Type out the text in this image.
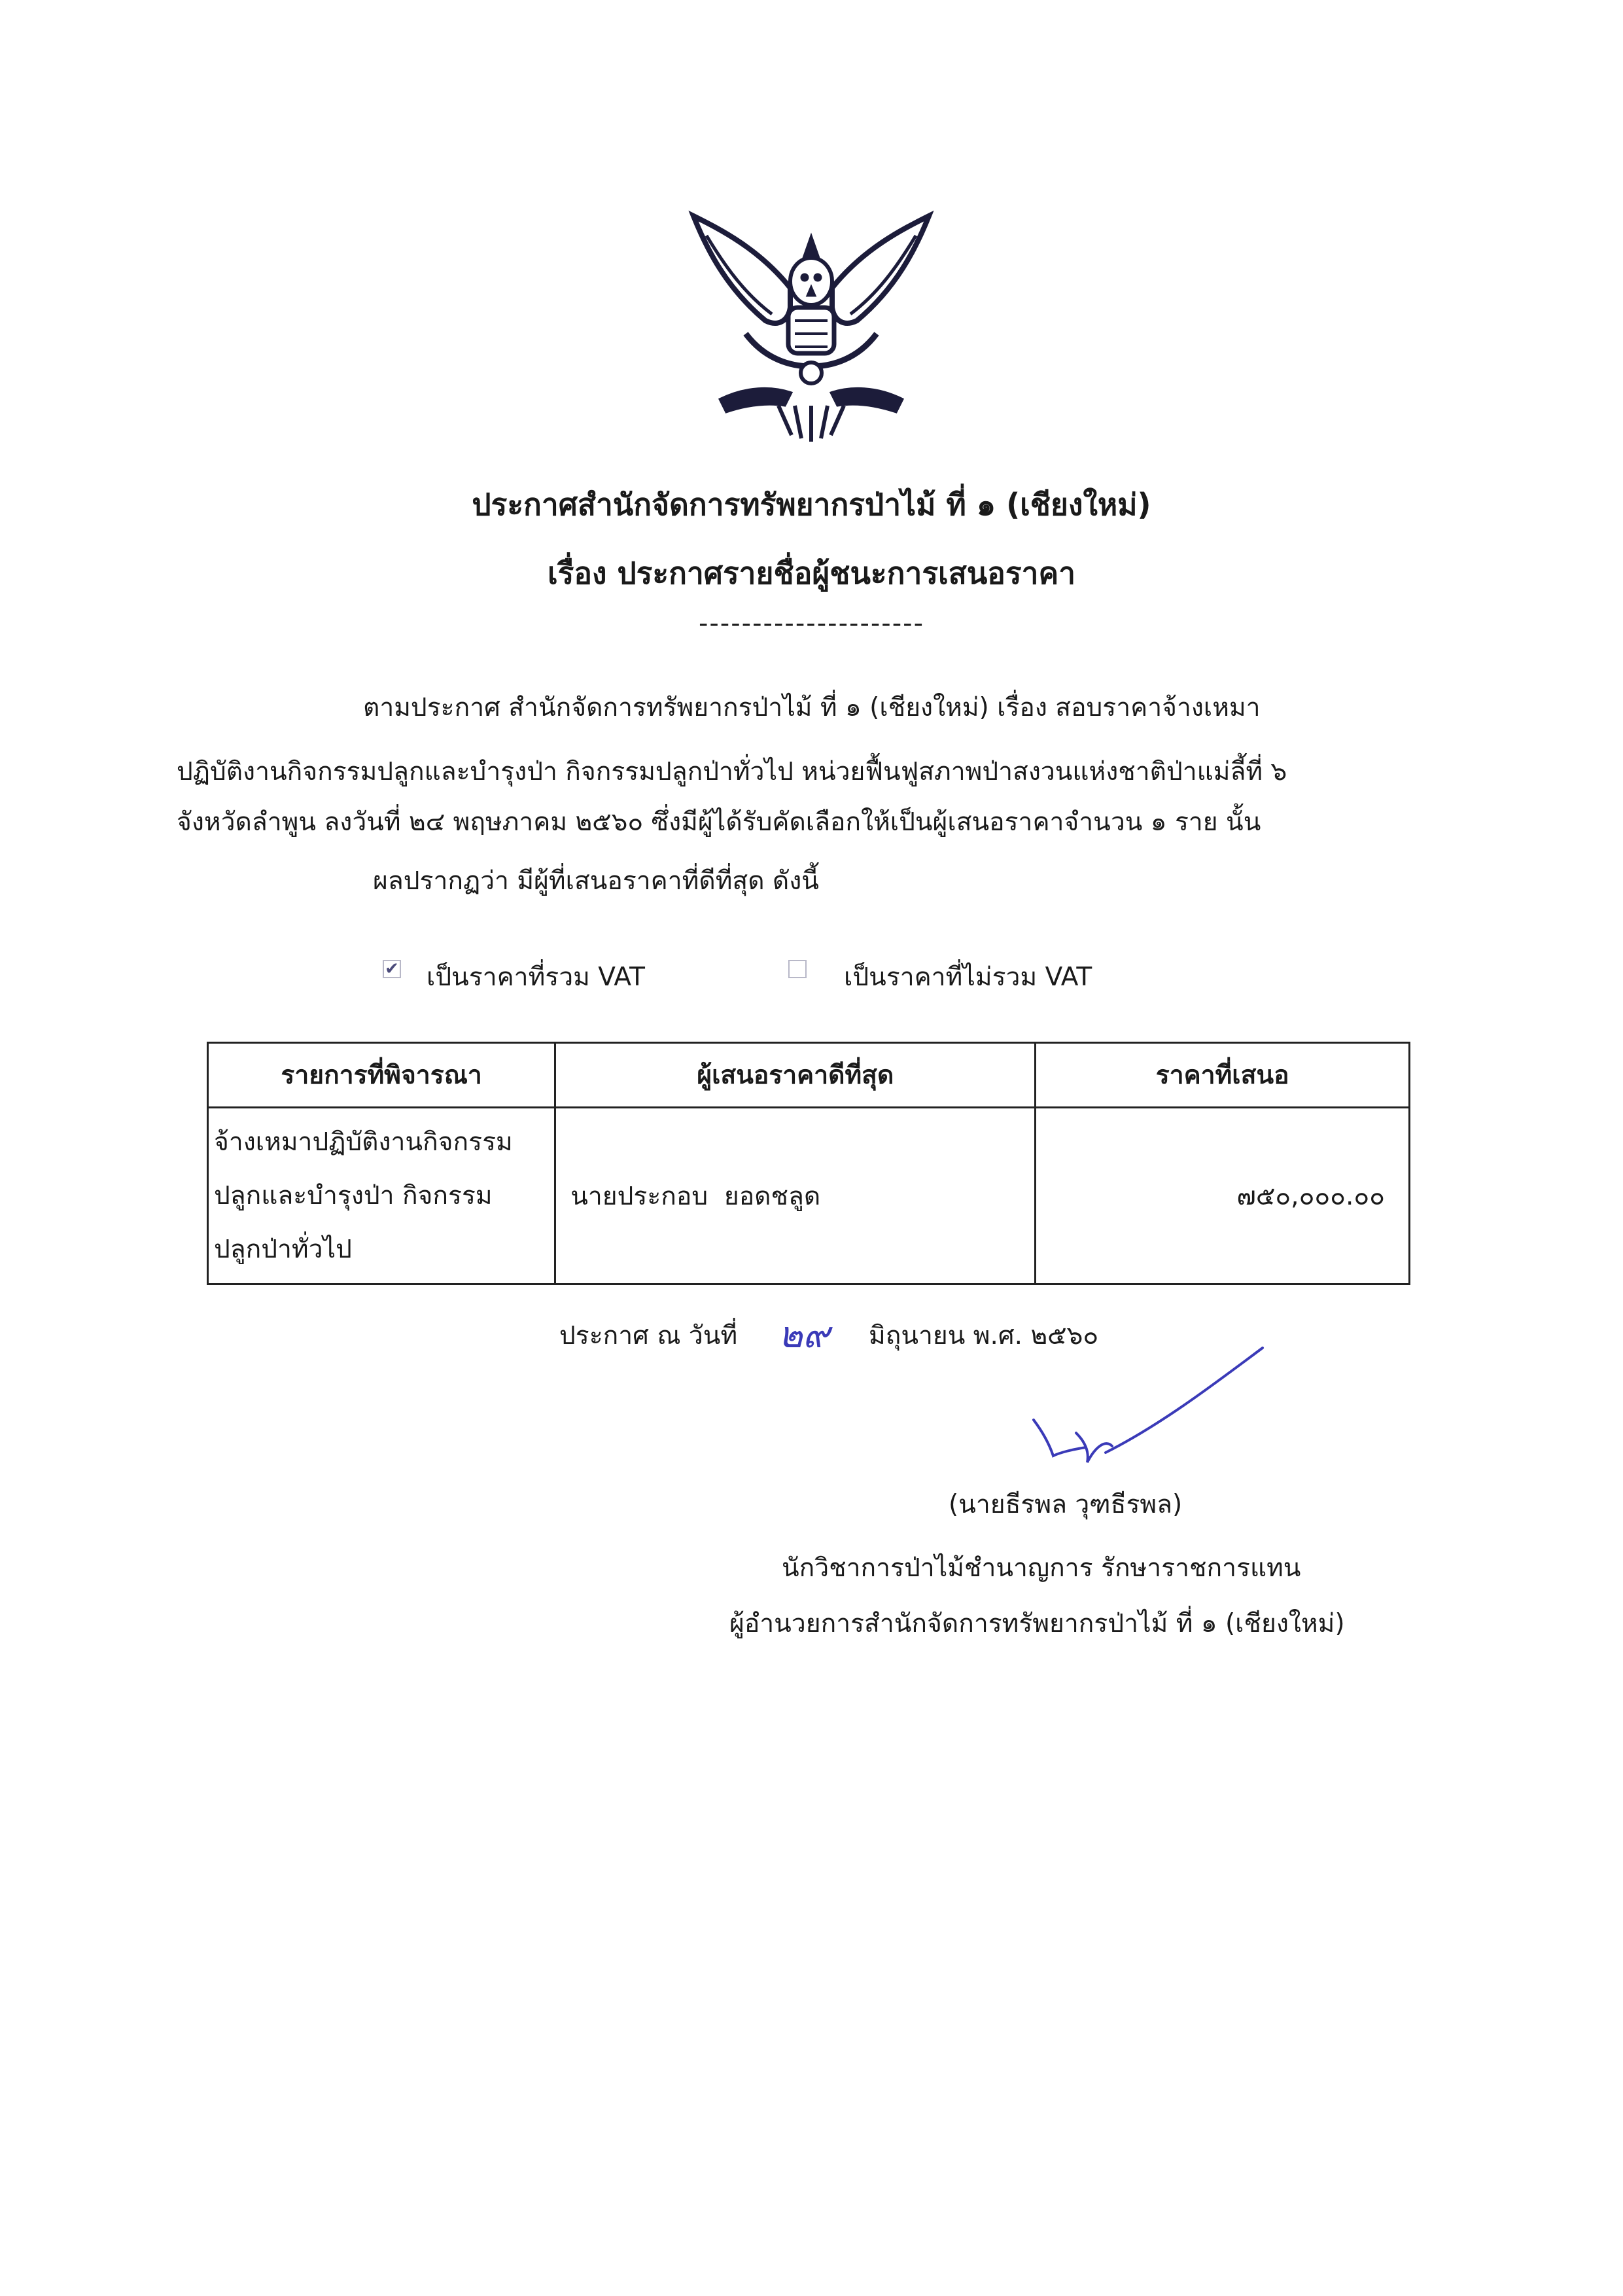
ประกาศสำนักจัดการทรัพยากรป่าไม้ ที่ ๑ (เชียงใหม่)
เรื่อง ประกาศรายชื่อผู้ชนะการเสนอราคา
---------------------
ตามประกาศ สำนักจัดการทรัพยากรป่าไม้ ที่ ๑ (เชียงใหม่) เรื่อง สอบราคาจ้างเหมา
ปฏิบัติงานกิจกรรมปลูกและบำรุงป่า กิจกรรมปลูกป่าทั่วไป หน่วยฟื้นฟูสภาพป่าสงวนแห่งชาติป่าแม่ลี้ที่ ๖
จังหวัดลำพูน ลงวันที่ ๒๔ พฤษภาคม ๒๕๖๐ ซึ่งมีผู้ได้รับคัดเลือกให้เป็นผู้เสนอราคาจำนวน ๑ ราย นั้น
ผลปรากฏว่า มีผู้ที่เสนอราคาที่ดีที่สุด ดังนี้
✔ เป็นราคาที่รวม VAT	เป็นราคาที่ไม่รวม VAT
รายการที่พิจารณา	ผู้เสนอราคาดีที่สุด	ราคาที่เสนอ

จ้างเหมาปฏิบัติงานกิจกรรม
ปลูกและบำรุงป่า กิจกรรม
ปลูกป่าทั่วไป	นายประกอบ  ยอดชลูด	๗๕๐,๐๐๐.๐๐
ประกาศ ณ วันที่ ๒๙ มิถุนายน พ.ศ. ๒๕๖๐
(นายธีรพล วุฑธีรพล)
นักวิชาการป่าไม้ชำนาญการ รักษาราชการแทน
ผู้อำนวยการสำนักจัดการทรัพยากรป่าไม้ ที่ ๑ (เชียงใหม่)
